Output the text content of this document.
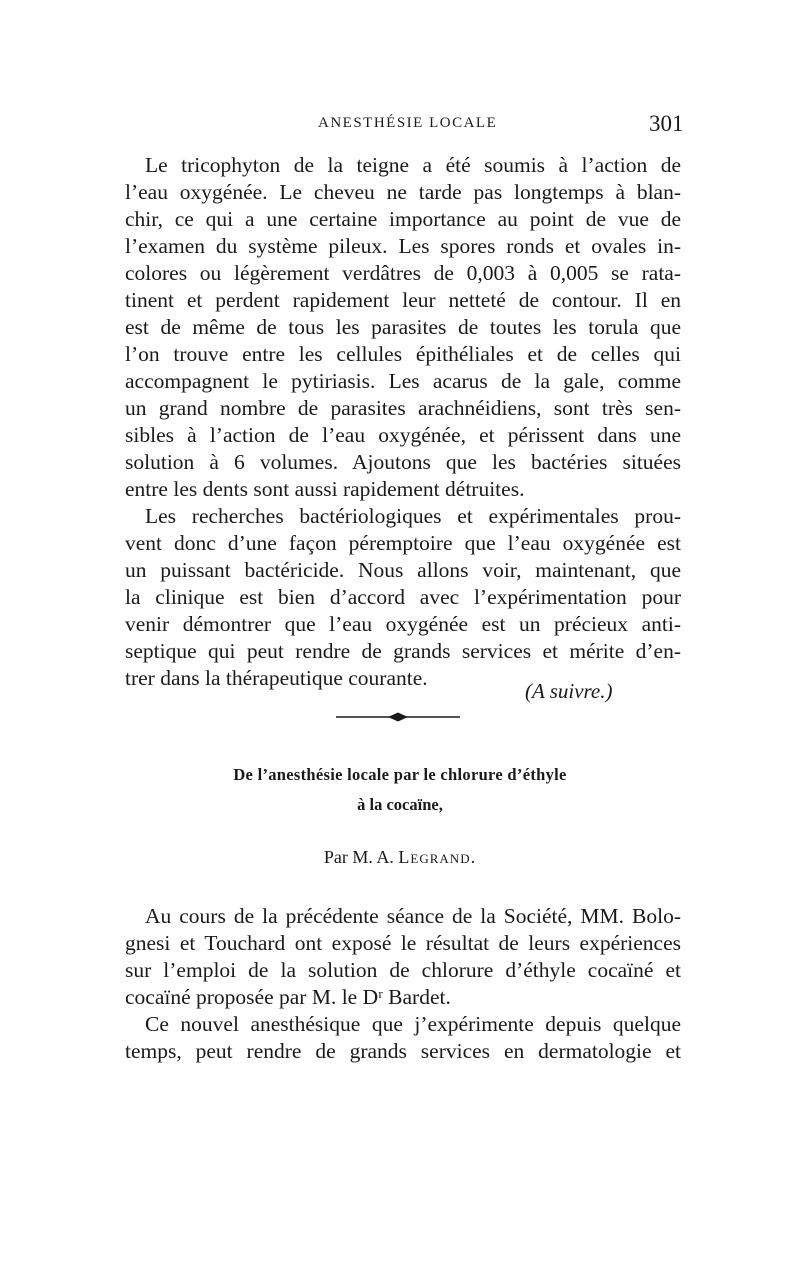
ANESTHÉSIE LOCALE	301
Le tricophyton de la teigne a été soumis à l’action de
l’eau oxygénée. Le cheveu ne tarde pas longtemps à blan-
chir, ce qui a une certaine importance au point de vue de
l’examen du système pileux. Les spores ronds et ovales in-
colores ou légèrement verdâtres de 0,003 à 0,005 se rata-
tinent et perdent rapidement leur netteté de contour. Il en
est de même de tous les parasites de toutes les torula que
l’on trouve entre les cellules épithéliales et de celles qui
accompagnent le pytiriasis. Les acarus de la gale, comme
un grand nombre de parasites arachnéidiens, sont très sen-
sibles à l’action de l’eau oxygénée, et périssent dans une
solution à 6 volumes. Ajoutons que les bactéries situées
entre les dents sont aussi rapidement détruites.
Les recherches bactériologiques et expérimentales prou-
vent donc d’une façon péremptoire que l’eau oxygénée est
un puissant bactéricide. Nous allons voir, maintenant, que
la clinique est bien d’accord avec l’expérimentation pour
venir démontrer que l’eau oxygénée est un précieux anti-
septique qui peut rendre de grands services et mérite d’en-
trer dans la thérapeutique courante.
(A suivre.)
De l’anesthésie locale par le chlorure d’éthyle
à la cocaïne,
Par M. A. Legrand.
Au cours de la précédente séance de la Société, MM. Bolo-
gnesi et Touchard ont exposé le résultat de leurs expériences
sur l’emploi de la solution de chlorure d’éthyle cocaïné et
cocaïné proposée par M. le Dʳ Bardet.
Ce nouvel anesthésique que j’expérimente depuis quelque
temps, peut rendre de grands services en dermatologie et
